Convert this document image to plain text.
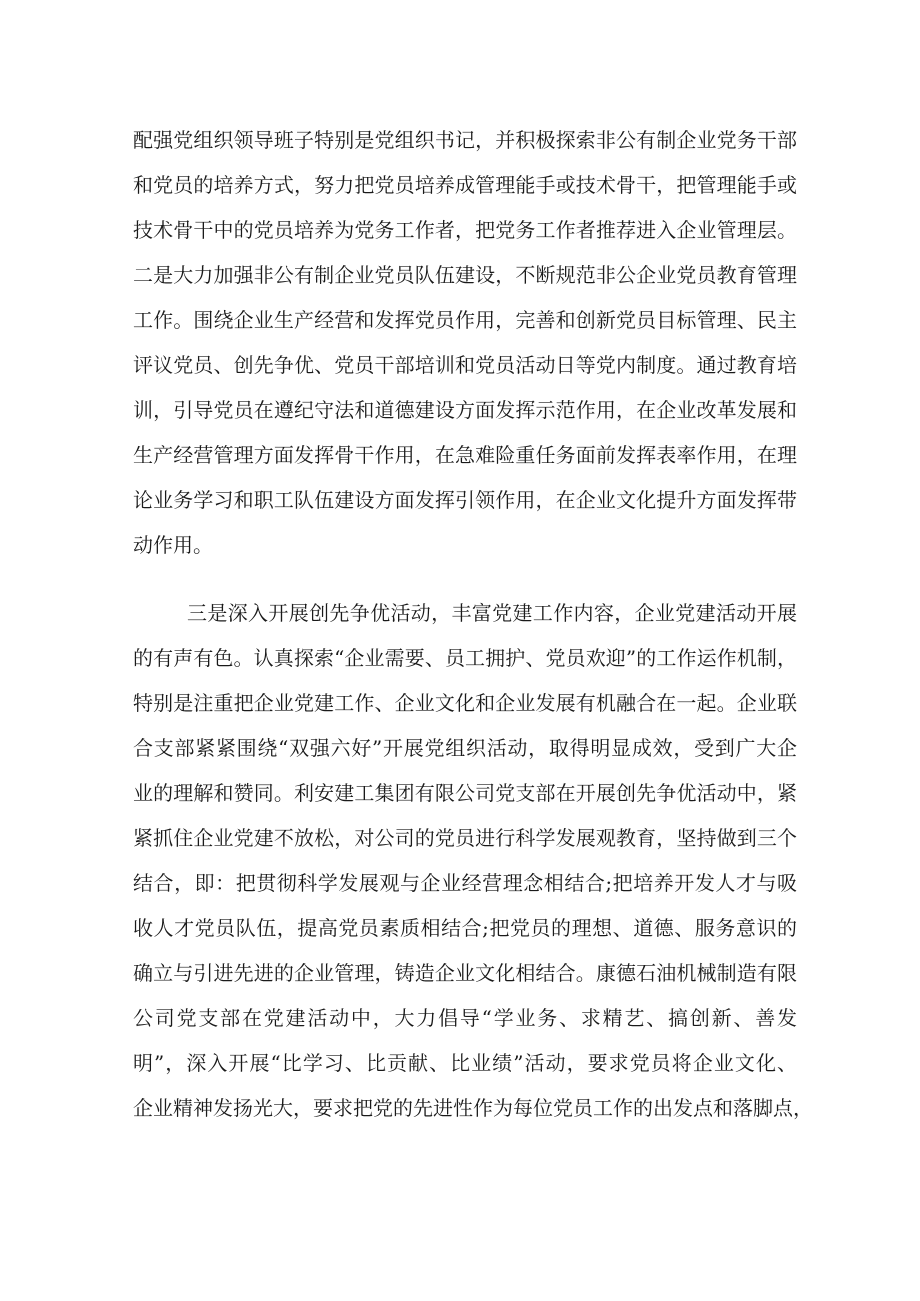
配强党组织领导班子特别是党组织书记，并积极探索非公有制企业党务干部
和党员的培养方式，努力把党员培养成管理能手或技术骨干，把管理能手或
技术骨干中的党员培养为党务工作者，把党务工作者推荐进入企业管理层。
二是大力加强非公有制企业党员队伍建设，不断规范非公企业党员教育管理
工作。围绕企业生产经营和发挥党员作用，完善和创新党员目标管理、民主
评议党员、创先争优、党员干部培训和党员活动日等党内制度。通过教育培
训，引导党员在遵纪守法和道德建设方面发挥示范作用，在企业改革发展和
生产经营管理方面发挥骨干作用，在急难险重任务面前发挥表率作用，在理
论业务学习和职工队伍建设方面发挥引领作用，在企业文化提升方面发挥带
动作用。
三是深入开展创先争优活动，丰富党建工作内容，企业党建活动开展
的有声有色。认真探索“企业需要、员工拥护、党员欢迎”的工作运作机制，
特别是注重把企业党建工作、企业文化和企业发展有机融合在一起。企业联
合支部紧紧围绕“双强六好”开展党组织活动，取得明显成效，受到广大企
业的理解和赞同。利安建工集团有限公司党支部在开展创先争优活动中，紧
紧抓住企业党建不放松，对公司的党员进行科学发展观教育，坚持做到三个
结合，即：把贯彻科学发展观与企业经营理念相结合;把培养开发人才与吸
收人才党员队伍，提高党员素质相结合;把党员的理想、道德、服务意识的
确立与引进先进的企业管理，铸造企业文化相结合。康德石油机械制造有限
公司党支部在党建活动中，大力倡导“学业务、求精艺、搞创新、善发
明”，深入开展“比学习、比贡献、比业绩”活动，要求党员将企业文化、
企业精神发扬光大，要求把党的先进性作为每位党员工作的出发点和落脚点，
